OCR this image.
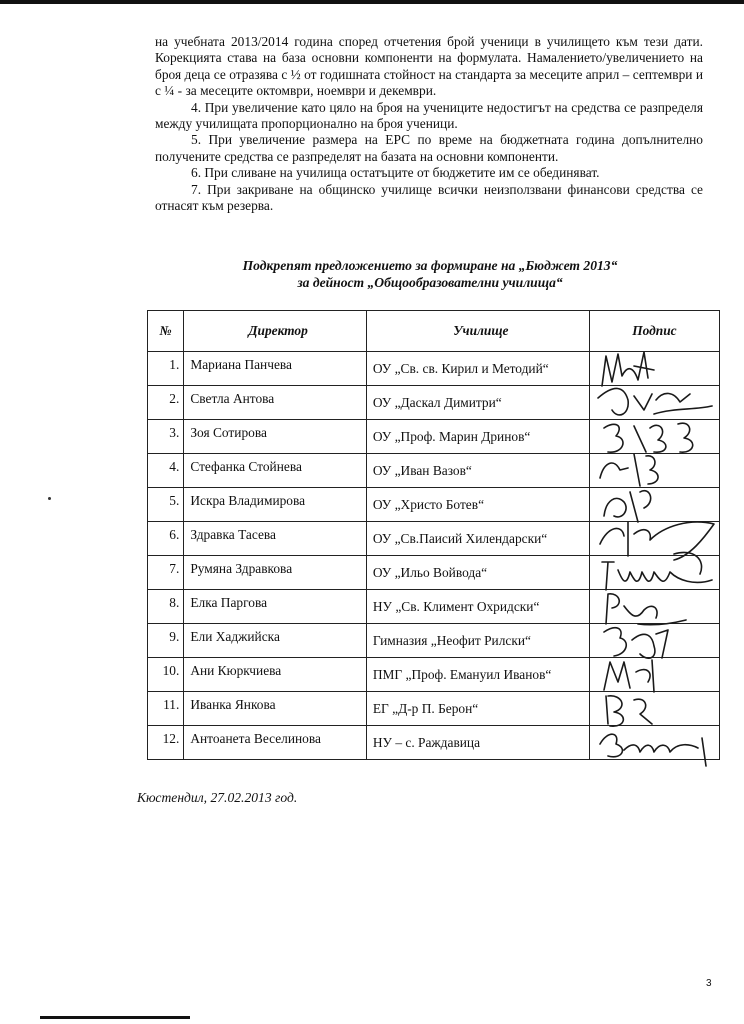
на учебната 2013/2014 година според отчетения брой ученици в училището към тези дати. Корекцията става на база основни компоненти на формулата. Намалението/увеличението на броя деца се отразява с ½ от годишната стойност на стандарта за месеците април – септември и с ¼ - за месеците октомври, ноември и декември.

4. При увеличение като цяло на броя на учениците недостигът на средства се разпределя между училищата пропорционално на броя ученици.

5. При увеличение размера на ЕРС по време на бюджетната година допълнително получените средства се разпределят на базата на основни компоненти.

6. При сливане на училища остатъците от бюджетите им се обединяват.

7. При закриване на общинско училище всички неизползвани финансови средства се отнасят към резерва.

Подкрепят предложението за формиране на „Бюджет 2013“
за дейност „Общообразователни училища“
№	Директор	Училище	Подпис

1.	Мариана Панчева	ОУ „Св. св. Кирил и Методий“

2.	Светла Антова	ОУ „Даскал Димитри“

3.	Зоя Сотирова	ОУ „Проф. Марин Дринов“

4.	Стефанка Стойнева	ОУ „Иван Вазов“

5.	Искра Владимирова	ОУ „Христо Ботев“

6.	Здравка Тасева	ОУ „Св.Паисий Хилендарски“

7.	Румяна Здравкова	ОУ „Ильо Войвода“

8.	Елка Паргова	НУ „Св. Климент Охридски“

9.	Ели Хаджийска	Гимназия „Неофит Рилски“

10.	Ани Кюркчиева	ПМГ „Проф. Емануил Иванов“

11.	Иванка Янкова	ЕГ „Д-р П. Берон“

12.	Антоанета Веселинова	НУ – с. Раждавица

Кюстендил, 27.02.2013 год.
3
